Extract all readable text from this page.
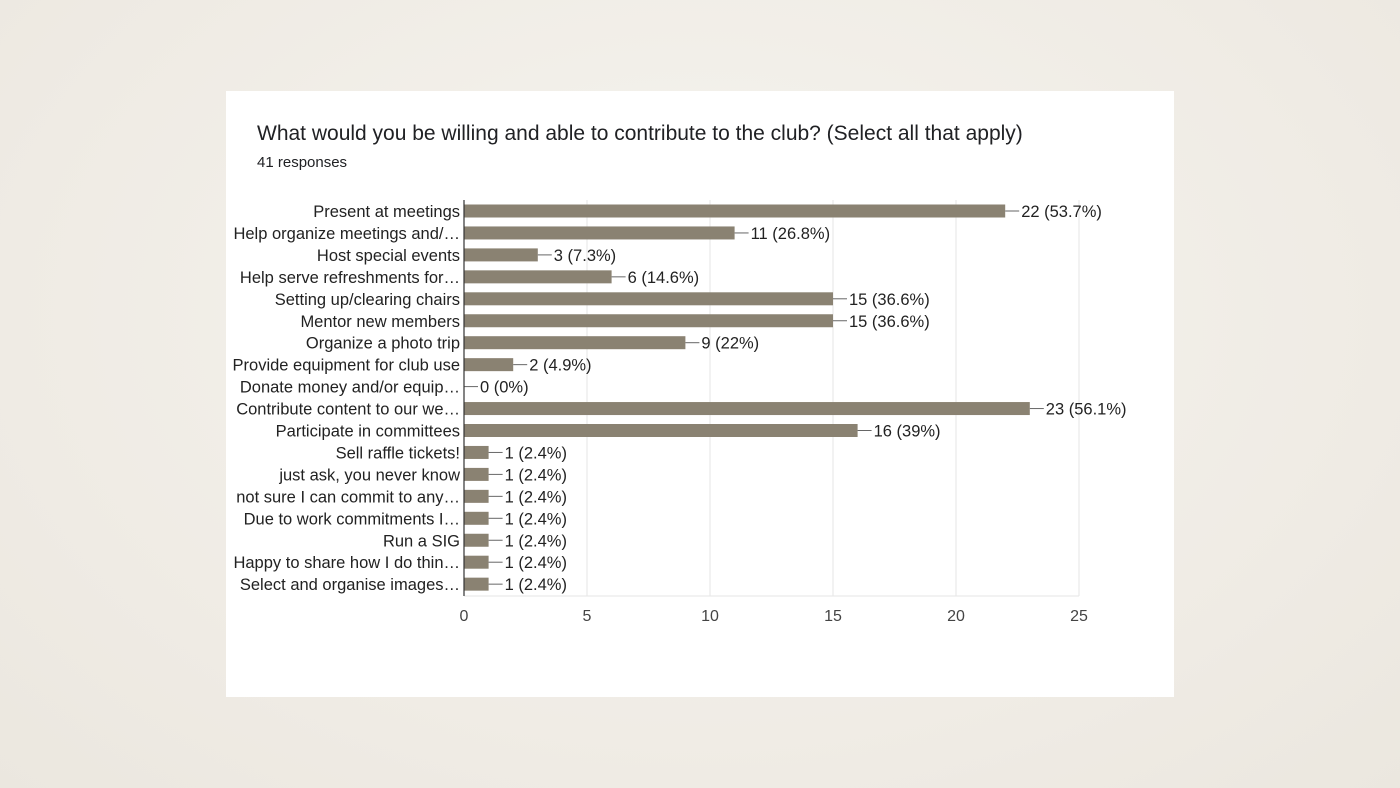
What would you be willing and able to contribute to the club? (Select all that apply)
41 responses
Present at meetings	22 (53.7%)
Help organize meetings and/…	11 (26.8%)
Host special events	3 (7.3%)
Help serve refreshments for…	6 (14.6%)
Setting up/clearing chairs	15 (36.6%)
Mentor new members	15 (36.6%)
Organize a photo trip	9 (22%)
Provide equipment for club use	2 (4.9%)
Donate money and/or equip… 0 (0%)
Contribute content to our we…	23 (56.1%)
Participate in committees	16 (39%)
Sell raffle tickets!	1 (2.4%)
just ask, you never know	1 (2.4%)
not sure I can commit to any…	1 (2.4%)
Due to work commitments I…	1 (2.4%)
Run a SIG	1 (2.4%)
Happy to share how I do thin…	1 (2.4%)
Select and organise images…	1 (2.4%)
0	5	10	15	20	25
